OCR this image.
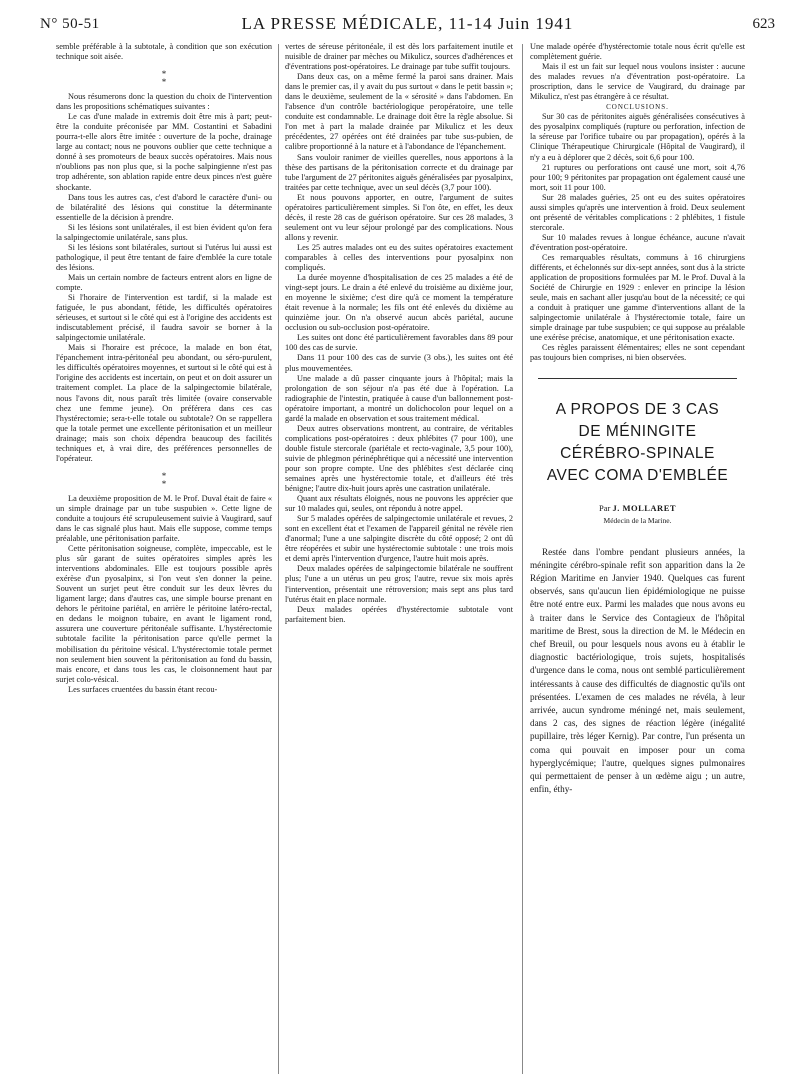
N° 50-51	LA PRESSE MÉDICALE, 11-14 Juin 1941	623

semble préférable à la subtotale, à condition que son exécution technique soit aisée.

*
*

Nous résumerons donc la question du choix de l'intervention dans les propositions schématiques suivantes :

Le cas d'une malade in extremis doit être mis à part; peut-être la conduite préconisée par MM. Costantini et Sabadini pourra-t-elle alors être imitée : ouverture de la poche, drainage large au contact; nous ne pouvons oublier que cette technique a donné à ses promoteurs de beaux succès opératoires. Mais nous n'oublions pas non plus que, si la poche salpingienne n'est pas trop adhérente, son ablation rapide entre deux pinces n'est guère shockante.

Dans tous les autres cas, c'est d'abord le caractère d'uni- ou de bilatéralité des lésions qui constitue la déterminante essentielle de la décision à prendre.

Si les lésions sont unilatérales, il est bien évident qu'on fera la salpingectomie unilatérale, sans plus.

Si les lésions sont bilatérales, surtout si l'utérus lui aussi est pathologique, il peut être tentant de faire d'emblée la cure totale des lésions.

Mais un certain nombre de facteurs entrent alors en ligne de compte.

Si l'horaire de l'intervention est tardif, si la malade est fatiguée, le pus abondant, fétide, les difficultés opératoires sérieuses, et surtout si le côté qui est à l'origine des accidents est indiscutablement précisé, il faudra savoir se borner à la salpingectomie unilatérale.

Mais si l'horaire est précoce, la malade en bon état, l'épanchement intra-péritonéal peu abondant, ou séro-purulent, les difficultés opératoires moyennes, et surtout si le côté qui est à l'origine des accidents est incertain, on peut et on doit assurer un traitement complet. La place de la salpingectomie bilatérale, nous l'avons dit, nous paraît très limitée (ovaire conservable chez une femme jeune). On préférera dans ces cas l'hystérectomie; sera-t-elle totale ou subtotale? On se rappellera que la totale permet une excellente péritonisation et un meilleur drainage; mais son choix dépendra beaucoup des facilités techniques et, à vrai dire, des préférences personnelles de l'opérateur.

*
*

La deuxième proposition de M. le Prof. Duval était de faire « un simple drainage par un tube suspubien ». Cette ligne de conduite a toujours été scrupuleusement suivie à Vaugirard, sauf dans le cas signalé plus haut. Mais elle suppose, comme temps préalable, une péritonisation parfaite.

Cette péritonisation soigneuse, complète, impeccable, est le plus sûr garant de suites opératoires simples après les interventions abdominales. Elle est toujours possible après exérèse d'un pyosalpinx, si l'on veut s'en donner la peine. Souvent un surjet peut être conduit sur les deux lèvres du ligament large; dans d'autres cas, une simple bourse prenant en dehors le péritoine pariétal, en arrière le péritoine latéro-rectal, en dedans le moignon tubaire, en avant le ligament rond, assurera une couverture péritonéale suffisante. L'hystérectomie subtotale facilite la péritonisation parce qu'elle permet la mobilisation du péritoine vésical. L'hystérectomie totale permet non seulement bien souvent la péritonisation au fond du bassin, mais encore, et dans tous les cas, le cloisonnement haut par surjet colo-vésical.

Les surfaces cruentées du bassin étant recou-

vertes de séreuse péritonéale, il est dès lors parfaitement inutile et nuisible de drainer par mèches ou Mikulicz, sources d'adhérences et d'éventrations post-opératoires. Le drainage par tube suffit toujours.

Dans deux cas, on a même fermé la paroi sans drainer. Mais dans le premier cas, il y avait du pus surtout « dans le petit bassin »; dans le deuxième, seulement de la « sérosité » dans l'abdomen. En l'absence d'un contrôle bactériologique peropératoire, une telle conduite est condamnable. Le drainage doit être la règle absolue. Si l'on met à part la malade drainée par Mikulicz et les deux précédentes, 27 opérées ont été drainées par tube sus-pubien, de calibre proportionné à la nature et à l'abondance de l'épanchement.

Sans vouloir ranimer de vieilles querelles, nous apportons à la thèse des partisans de la péritonisation correcte et du drainage par tube l'argument de 27 péritonites aiguës généralisées par pyosalpinx, traitées par cette technique, avec un seul décès (3,7 pour 100).

Et nous pouvons apporter, en outre, l'argument de suites opératoires particulièrement simples. Si l'on ôte, en effet, les deux décès, il reste 28 cas de guérison opératoire. Sur ces 28 malades, 3 seulement ont vu leur séjour prolongé par des complications. Nous allons y revenir.

Les 25 autres malades ont eu des suites opératoires exactement comparables à celles des interventions pour pyosalpinx non compliqués.

La durée moyenne d'hospitalisation de ces 25 malades a été de vingt-sept jours. Le drain a été enlevé du troisième au dixième jour, en moyenne le sixième; c'est dire qu'à ce moment la température était revenue à la normale; les fils ont été enlevés du dixième au quinzième jour. On n'a observé aucun abcès pariétal, aucune occlusion ou sub-occlusion post-opératoire.

Les suites ont donc été particulièrement favorables dans 89 pour 100 des cas de survie.

Dans 11 pour 100 des cas de survie (3 obs.), les suites ont été plus mouvementées.

Une malade a dû passer cinquante jours à l'hôpital; mais la prolongation de son séjour n'a pas été due à l'opération. La radiographie de l'intestin, pratiquée à cause d'un ballonnement post-opératoire important, a montré un dolichocolon pour lequel on a gardé la malade en observation et sous traitement médical.

Deux autres observations montrent, au contraire, de véritables complications post-opératoires : deux phlébites (7 pour 100), une double fistule stercorale (pariétale et recto-vaginale, 3,5 pour 100), suivie de phlegmon périnéphrétique qui a nécessité une intervention pour son propre compte. Une des phlébites s'est déclarée cinq semaines après une hystérectomie totale, et d'ailleurs été très bénigne; l'autre dix-huit jours après une castration unilatérale.

Quant aux résultats éloignés, nous ne pouvons les apprécier que sur 10 malades qui, seules, ont répondu à notre appel.

Sur 5 malades opérées de salpingectomie unilatérale et revues, 2 sont en excellent état et l'examen de l'appareil génital ne révèle rien d'anormal; l'une a une salpingite discrète du côté opposé; 2 ont dû être réopérées et subir une hystérectomie subtotale : une trois mois et demi après l'intervention d'urgence, l'autre huit mois après.

Deux malades opérées de salpingectomie bilatérale ne souffrent plus; l'une a un utérus un peu gros; l'autre, revue six mois après l'intervention, présentait une rétroversion; mais sept ans plus tard l'utérus était en place normale.

Deux malades opérées d'hystérectomie subtotale vont parfaitement bien.

Une malade opérée d'hystérectomie totale nous écrit qu'elle est complètement guérie.

Mais il est un fait sur lequel nous voulons insister : aucune des malades revues n'a d'éventration post-opératoire. La proscription, dans le service de Vaugirard, du drainage par Mikulicz, n'est pas étrangère à ce résultat.

CONCLUSIONS.

Sur 30 cas de péritonites aiguës généralisées consécutives à des pyosalpinx compliqués (rupture ou perforation, infection de la séreuse par l'orifice tubaire ou par propagation), opérés à la Clinique Thérapeutique Chirurgicale (Hôpital de Vaugirard), il n'y a eu à déplorer que 2 décès, soit 6,6 pour 100.

21 ruptures ou perforations ont causé une mort, soit 4,76 pour 100; 9 péritonites par propagation ont également causé une mort, soit 11 pour 100.

Sur 28 malades guéries, 25 ont eu des suites opératoires aussi simples qu'après une intervention à froid. Deux seulement ont présenté de véritables complications : 2 phlébites, 1 fistule stercorale.

Sur 10 malades revues à longue échéance, aucune n'avait d'éventration post-opératoire.

Ces remarquables résultats, communs à 16 chirurgiens différents, et échelonnés sur dix-sept années, sont dus à la stricte application de propositions formulées par M. le Prof. Duval à la Société de Chirurgie en 1929 : enlever en principe la lésion seule, mais en sachant aller jusqu'au bout de la nécessité; ce qui a conduit à pratiquer une gamme d'interventions allant de la salpingectomie unilatérale à l'hystérectomie totale, faire un simple drainage par tube suspubien; ce qui suppose au préalable une exérèse précise, anatomique, et une péritonisation exacte.

Ces règles paraissent élémentaires; elles ne sont cependant pas toujours bien comprises, ni bien observées.

A PROPOS DE 3 CAS
DE MÉNINGITE
CÉRÉBRO-SPINALE
AVEC COMA D'EMBLÉE
Par J. MOLLARET
Médecin de la Marine.

Restée dans l'ombre pendant plusieurs années, la méningite cérébro-spinale refit son apparition dans la 2e Région Maritime en Janvier 1940. Quelques cas furent observés, sans qu'aucun lien épidémiologique ne puisse être noté entre eux. Parmi les malades que nous avons eu à traiter dans le Service des Contagieux de l'hôpital maritime de Brest, sous la direction de M. le Médecin en chef Breuil, ou pour lesquels nous avons eu à établir le diagnostic bactériologique, trois sujets, hospitalisés d'urgence dans le coma, nous ont semblé particulièrement intéressants à cause des difficultés de diagnostic qu'ils ont présentées. L'examen de ces malades ne révéla, à leur arrivée, aucun syndrome méningé net, mais seulement, dans 2 cas, des signes de réaction légère (inégalité pupillaire, très léger Kernig). Par contre, l'un présenta un coma qui pouvait en imposer pour un coma hyperglycémique; l'autre, quelques signes pulmonaires qui permettaient de penser à un œdème aigu ; un autre, enfin, éthy-
